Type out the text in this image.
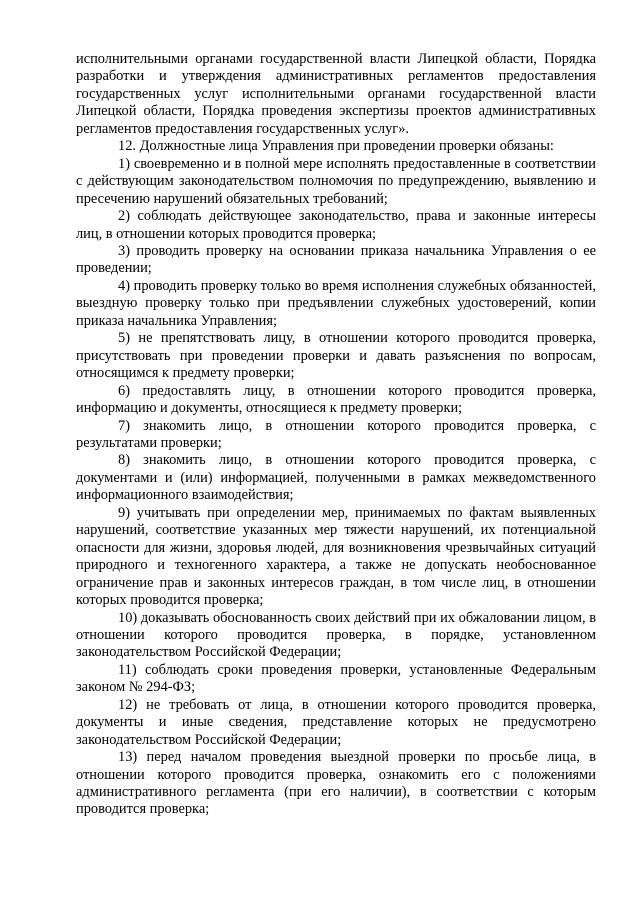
исполнительными органами государственной власти Липецкой области, Порядка разработки и утверждения административных регламентов предоставления государственных услуг исполнительными органами государственной власти Липецкой области, Порядка проведения экспертизы проектов административных регламентов предоставления государственных услуг».

12. Должностные лица Управления при проведении проверки обязаны:

1) своевременно и в полной мере исполнять предоставленные в соответствии с действующим законодательством полномочия по предупреждению, выявлению и пресечению нарушений обязательных требований;

2) соблюдать действующее законодательство, права и законные интересы лиц, в отношении которых проводится проверка;

3) проводить проверку на основании приказа начальника Управления о ее проведении;

4) проводить проверку только во время исполнения служебных обязанностей, выездную проверку только при предъявлении служебных удостоверений, копии приказа начальника Управления;

5) не препятствовать лицу, в отношении которого проводится проверка, присутствовать при проведении проверки и давать разъяснения по вопросам, относящимся к предмету проверки;

6) предоставлять лицу, в отношении которого проводится проверка, информацию и документы, относящиеся к предмету проверки;

7) знакомить лицо, в отношении которого проводится проверка, с результатами проверки;

8) знакомить лицо, в отношении которого проводится проверка, с документами и (или) информацией, полученными в рамках межведомственного информационного взаимодействия;

9) учитывать при определении мер, принимаемых по фактам выявленных нарушений, соответствие указанных мер тяжести нарушений, их потенциальной опасности для жизни, здоровья людей, для возникновения чрезвычайных ситуаций природного и техногенного характера, а также не допускать необоснованное ограничение прав и законных интересов граждан, в том числе лиц, в отношении которых проводится проверка;

10) доказывать обоснованность своих действий при их обжаловании лицом, в отношении которого проводится проверка, в порядке, установленном законодательством Российской Федерации;

11) соблюдать сроки проведения проверки, установленные Федеральным законом № 294-ФЗ;

12) не требовать от лица, в отношении которого проводится проверка, документы и иные сведения, представление которых не предусмотрено законодательством Российской Федерации;

13) перед началом проведения выездной проверки по просьбе лица, в отношении которого проводится проверка, ознакомить его с положениями административного регламента (при его наличии), в соответствии с которым проводится проверка;
